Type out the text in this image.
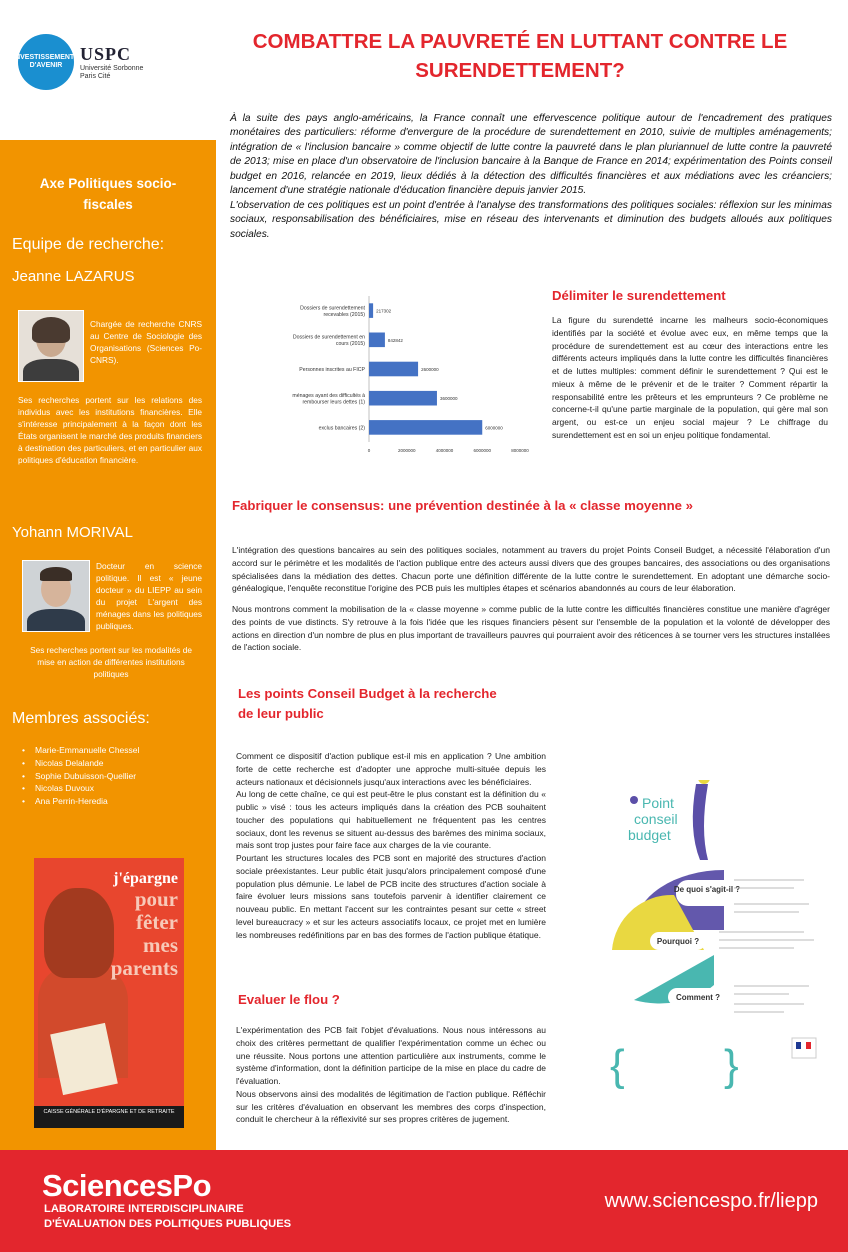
INVESTISSEMENTS D'AVENIR
USPC
Université Sorbonne
Paris Cité
COMBATTRE LA PAUVRETÉ EN LUTTANT CONTRE LE SURENDETTEMENT?

À la suite des pays anglo-américains, la France connaît une effervescence politique autour de l'encadrement des pratiques monétaires des particuliers: réforme d'envergure de la procédure de surendettement en 2010, suivie de multiples aménagements; intégration de « l'inclusion bancaire » comme objectif de lutte contre la pauvreté dans le plan pluriannuel de lutte contre la pauvreté de 2013; mise en place d'un observatoire de l'inclusion bancaire à la Banque de France en 2014; expérimentation des Points conseil budget en 2016, relancée en 2019, lieux dédiés à la détection des difficultés financières et aux médiations avec les créanciers; lancement d'une stratégie nationale d'éducation financière depuis janvier 2015.

L'observation de ces politiques est un point d'entrée à l'analyse des transformations des politiques sociales: réflexion sur les minimas sociaux, responsabilisation des bénéficiaires, mise en réseau des intervenants et diminution des budgets alloués aux politiques sociales.

Axe Politiques socio-fiscales
Equipe de recherche:
Jeanne LAZARUS
Chargée de recherche CNRS au Centre de Sociologie des Organisations (Sciences Po-CNRS).
Ses recherches portent sur les relations des individus avec les institutions financières. Elle s'intéresse principalement à la façon dont les États organisent le marché des produits financiers à destination des particuliers, et en particulier aux politiques d'éducation financière.
Yohann MORIVAL
Docteur en science politique. Il est « jeune docteur » du LIEPP au sein du projet L'argent des ménages dans les politiques publiques.
Ses recherches portent sur les modalités de mise en action de différentes institutions politiques
Membres associés:
• Marie-Emmanuelle Chessel
• Nicolas Delalande
• Sophie Dubuisson-Quellier
• Nicolas Duvoux
• Ana Perrin-Heredia
j'épargne
pour
fêter
mes
parents
CAISSE GÉNÉRALE D'ÉPARGNE ET DE RETRAITE
217302
Dossiers de surendettement recevables (2015)
842842
Dossiers de surendettement en cours (2015)
2600000
Personnes inscrites au FICP
3600000
ménages ayant des difficultés à rembourser leurs dettes (1)
6000000
exclus bancaires (2)
0	2000000	4000000	6000000	8000000
Délimiter le surendettement
La figure du surendetté incarne les malheurs socio-économiques identifiés par la société et évolue avec eux, en même temps que la procédure de surendettement est au cœur des interactions entre les différents acteurs impliqués dans la lutte contre les difficultés financières et de luttes multiples: comment définir le surendettement ? Qui est le mieux à même de le prévenir et de le traiter ? Comment répartir la responsabilité entre les prêteurs et les emprunteurs ? Ce problème ne concerne-t-il qu'une partie marginale de la population, qui gère mal son argent, ou est-ce un enjeu social majeur ? Le chiffrage du surendettement est en soi un enjeu politique fondamental.
Fabriquer le consensus: une prévention destinée à la « classe moyenne »

L'intégration des questions bancaires au sein des politiques sociales, notamment au travers du projet Points Conseil Budget, a nécessité l'élaboration d'un accord sur le périmètre et les modalités de l'action publique entre des acteurs aussi divers que des groupes bancaires, des associations ou des organisations spécialisées dans la médiation des dettes. Chacun porte une définition différente de la lutte contre le surendettement. En adoptant une démarche socio-généalogique, l'enquête reconstitue l'origine des PCB puis les multiples étapes et scénarios abandonnés au cours de leur élaboration.

Nous montrons comment la mobilisation de la « classe moyenne » comme public de la lutte contre les difficultés financières constitue une manière d'agréger des points de vue distincts. S'y retrouve à la fois l'idée que les risques financiers pèsent sur l'ensemble de la population et la volonté de développer des actions en direction d'un nombre de plus en plus important de travailleurs pauvres qui pourraient avoir des réticences à se tourner vers les structures installées de l'action sociale.

Les points Conseil Budget à la recherche
de leur public

Comment ce dispositif d'action publique est-il mis en application ? Une ambition forte de cette recherche est d'adopter une approche multi-située depuis les acteurs nationaux et décisionnels jusqu'aux interactions avec les bénéficiaires.

Au long de cette chaîne, ce qui est peut-être le plus constant est la définition du « public » visé : tous les acteurs impliqués dans la création des PCB souhaitent toucher des populations qui habituellement ne fréquentent pas les centres sociaux, dont les revenus se situent au-dessus des barèmes des minima sociaux, mais sont trop justes pour faire face aux charges de la vie courante.

Pourtant les structures locales des PCB sont en majorité des structures d'action sociale préexistantes. Leur public était jusqu'alors principalement composé d'une population plus démunie. Le label de PCB incite des structures d'action sociale à faire évoluer leurs missions sans toutefois parvenir à identifier clairement ce nouveau public. En mettant l'accent sur les contraintes pesant sur cette « street level bureaucracy » et sur les acteurs associatifs locaux, ce projet met en lumière les nombreuses redéfinitions par en bas des formes de l'action publique étatique.

Evaluer le flou ?

L'expérimentation des PCB fait l'objet d'évaluations. Nous nous intéressons au choix des critères permettant de qualifier l'expérimentation comme un échec ou une réussite. Nous portons une attention particulière aux instruments, comme le système d'information, dont la définition participe de la mise en place du cadre de l'évaluation.

Nous observons ainsi des modalités de légitimation de l'action publique. Réfléchir sur les critères d'évaluation en observant les membres des corps d'inspection, conduit le chercheur à la réflexivité sur ses propres critères de jugement.

Point
conseil
budget
De quoi s'agit-il ?
Pourquoi ?
Comment ?
{ }
SciencesPo
LABORATOIRE INTERDISCIPLINAIRE
D'ÉVALUATION DES POLITIQUES PUBLIQUES
www.sciencespo.fr/liepp
